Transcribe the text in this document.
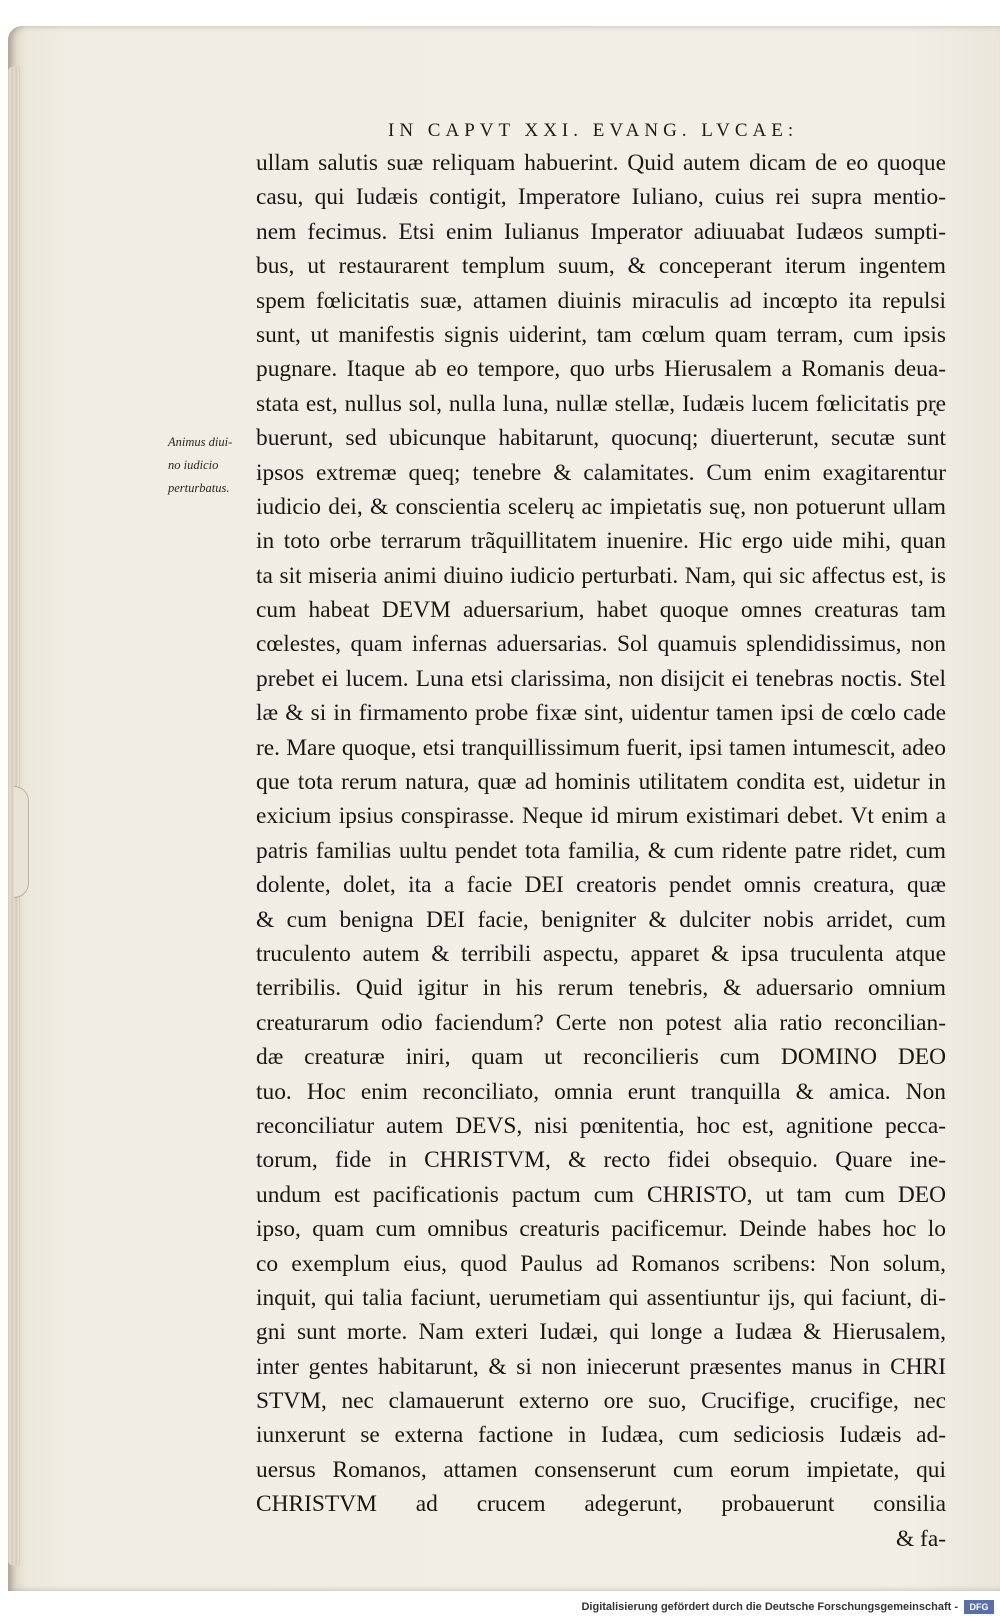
IN CAPVT XXI. EVANG. LVCAE:
Animus diui-
no iudicio
perturbatus.
ullam salutis suæ reliquam habuerint. Quid autem dicam de eo quoque
casu, qui Iudæis contigit, Imperatore Iuliano, cuius rei supra mentio-
nem fecimus. Etsi enim Iulianus Imperator adiuuabat Iudæos sumpti-
bus, ut restaurarent templum suum, & conceperant iterum ingentem
spem fœlicitatis suæ, attamen diuinis miraculis ad incœpto ita repulsi
sunt, ut manifestis signis uiderint, tam cœlum quam terram, cum ipsis
pugnare. Itaque ab eo tempore, quo urbs Hierusalem a Romanis deua-
stata est, nullus sol, nulla luna, nullæ stellæ, Iudæis lucem fœlicitatis pr̨e
buerunt, sed ubicunque habitarunt, quocunq; diuerterunt, secutæ sunt
ipsos extremæ queq; tenebre & calamitates. Cum enim exagitarentur
iudicio dei, & conscientia scelerų ac impietatis suę, non potuerunt ullam
in toto orbe terrarum trãquillitatem inuenire. Hic ergo uide mihi, quan
ta sit miseria animi diuino iudicio perturbati. Nam, qui sic affectus est, is
cum habeat DEVM aduersarium, habet quoque omnes creaturas tam
cœlestes, quam infernas aduersarias. Sol quamuis splendidissimus, non
prebet ei lucem. Luna etsi clarissima, non disijcit ei tenebras noctis. Stel
læ & si in firmamento probe fixæ sint, uidentur tamen ipsi de cœlo cade
re. Mare quoque, etsi tranquillissimum fuerit, ipsi tamen intumescit, adeo
que tota rerum natura, quæ ad hominis utilitatem condita est, uidetur in
exicium ipsius conspirasse. Neque id mirum existimari debet. Vt enim a
patris familias uultu pendet tota familia, & cum ridente patre ridet, cum
dolente, dolet, ita a facie DEI creatoris pendet omnis creatura, quæ
& cum benigna DEI facie, benigniter & dulciter nobis arridet, cum
truculento autem & terribili aspectu, apparet & ipsa truculenta atque
terribilis. Quid igitur in his rerum tenebris, & aduersario omnium
creaturarum odio faciendum? Certe non potest alia ratio reconcilian-
dæ creaturæ iniri, quam ut reconcilieris cum DOMINO DEO
tuo. Hoc enim reconciliato, omnia erunt tranquilla & amica. Non
reconciliatur autem DEVS, nisi pœnitentia, hoc est, agnitione pecca-
torum, fide in CHRISTVM, & recto fidei obsequio. Quare ine-
undum est pacificationis pactum cum CHRISTO, ut tam cum DEO
ipso, quam cum omnibus creaturis pacificemur. Deinde habes hoc lo
co exemplum eius, quod Paulus ad Romanos scribens: Non solum,
inquit, qui talia faciunt, uerumetiam qui assentiuntur ijs, qui faciunt, di-
gni sunt morte. Nam exteri Iudæi, qui longe a Iudæa & Hierusalem,
inter gentes habitarunt, & si non iniecerunt præsentes manus in CHRI
STVM, nec clamauerunt externo ore suo, Crucifige, crucifige, nec
iunxerunt se externa factione in Iudæa, cum sediciosis Iudæis ad-
uersus Romanos, attamen consenserunt cum eorum impietate, qui
CHRISTVM ad crucem adegerunt, probauerunt consilia
& fa-
Digitalisierung gefördert durch die Deutsche Forschungsgemeinschaft -	DFG
